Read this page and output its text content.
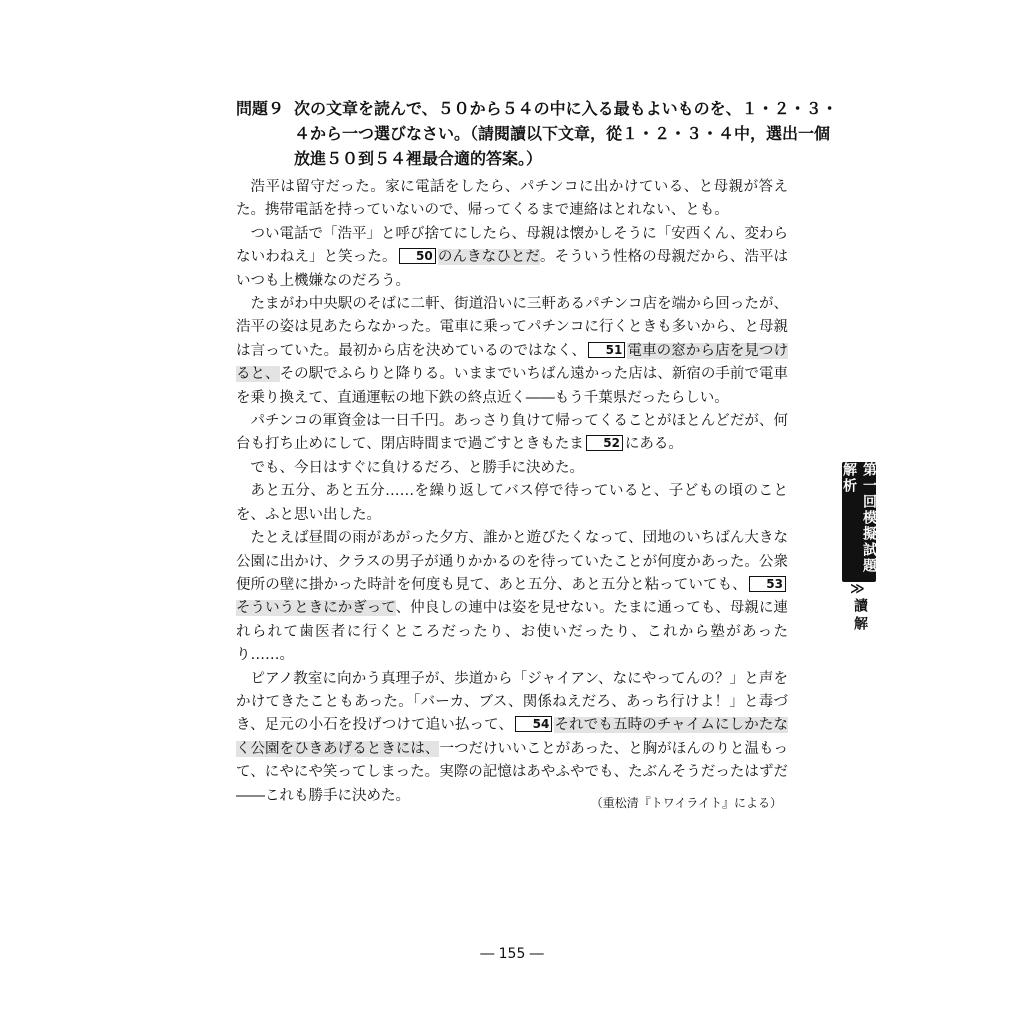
問題９ 次の文章を読んで、５０から５４の中に入る最もよいものを、１・２・３・
４から一つ選びなさい。（請閱讀以下文章，從１・２・３・４中，選出一個
放進５０到５４裡最合適的答案。）

浩平は留守だった。家に電話をしたら、パチンコに出かけている、と母親が答えた。携帯電話を持っていないので、帰ってくるまで連絡はとれない、とも。

つい電話で「浩平」と呼び捨てにしたら、母親は懐かしそうに「安西くん、変わらないわねえ」と笑った。 50 のんきなひとだ。そういう性格の母親だから、浩平はいつも上機嫌なのだろう。

たまがわ中央駅のそばに二軒、街道沿いに三軒あるパチンコ店を端から回ったが、浩平の姿は見あたらなかった。電車に乗ってパチンコに行くときも多いから、と母親は言っていた。最初から店を決めているのではなく、 51 電車の窓から店を見つけると、その駅でふらりと降りる。いままでいちばん遠かった店は、新宿の手前で電車を乗り換えて、直通運転の地下鉄の終点近く――もう千葉県だったらしい。

パチンコの軍資金は一日千円。あっさり負けて帰ってくることがほとんどだが、何台も打ち止めにして、閉店時間まで過ごすときもたま 52 にある。

でも、今日はすぐに負けるだろ、と勝手に決めた。

あと五分、あと五分……を繰り返してバス停で待っていると、子どもの頃のことを、ふと思い出した。

たとえば昼間の雨があがった夕方、誰かと遊びたくなって、団地のいちばん大きな公園に出かけ、クラスの男子が通りかかるのを待っていたことが何度かあった。公衆便所の壁に掛かった時計を何度も見て、あと五分、あと五分と粘っていても、 53そういうときにかぎって、仲良しの連中は姿を見せない。たまに通っても、母親に連れられて歯医者に行くところだったり、お使いだったり、これから塾があったり……。

ピアノ教室に向かう真理子が、歩道から「ジャイアン、なにやってんの？」と声をかけてきたこともあった。「バーカ、ブス、関係ねえだろ、あっち行けよ！」と毒づき、足元の小石を投げつけて追い払って、 54 それでも五時のチャイムにしかたなく公園をひきあげるときには、一つだけいいことがあった、と胸がほんのりと温もって、にやにや笑ってしまった。実際の記憶はあやふやでも、たぶんそうだったはずだ――これも勝手に決めた。	（重松清『トワイライト』による）
第一回模擬試題解析
≫
讀解
― 155 ―
